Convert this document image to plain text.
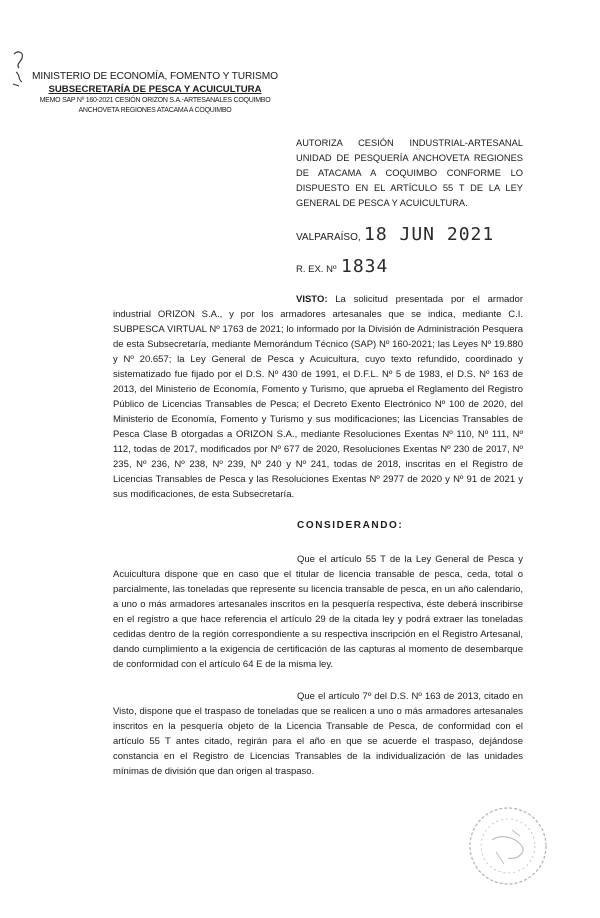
MINISTERIO DE ECONOMÍA, FOMENTO Y TURISMO
SUBSECRETARÍA DE PESCA Y ACUICULTURA
MEMO SAP Nº 160-2021 CESIÓN ORIZON S.A.-ARTESANALES COQUIMBO
ANCHOVETA REGIONES ATACAMA A COQUIMBO
AUTORIZA CESIÓN INDUSTRIAL-ARTESANAL UNIDAD DE PESQUERÍA ANCHOVETA REGIONES DE ATACAMA A COQUIMBO CONFORME LO DISPUESTO EN EL ARTÍCULO 55 T DE LA LEY GENERAL DE PESCA Y ACUICULTURA.
VALPARAÍSO, 18 JUN 2021
R. EX. Nº 1834
VISTO: La solicitud presentada por el armador industrial ORIZON S.A., y por los armadores artesanales que se indica, mediante C.I. SUBPESCA VIRTUAL Nº 1763 de 2021; lo informado por la División de Administración Pesquera de esta Subsecretaría, mediante Memorándum Técnico (SAP) Nº 160-2021; las Leyes Nº 19.880 y Nº 20.657; la Ley General de Pesca y Acuicultura, cuyo texto refundido, coordinado y sistematizado fue fijado por el D.S. Nº 430 de 1991, el D.F.L. Nº 5 de 1983, el D.S. Nº 163 de 2013, del Ministerio de Economía, Fomento y Turismo, que aprueba el Reglamento del Registro Público de Licencias Transables de Pesca; el Decreto Exento Electrónico Nº 100 de 2020, del Ministerio de Economía, Fomento y Turismo y sus modificaciones; las Licencias Transables de Pesca Clase B otorgadas a ORIZON S.A., mediante Resoluciones Exentas Nº 110, Nº 111, Nº 112, todas de 2017, modificados por Nº 677 de 2020, Resoluciones Exentas Nº 230 de 2017, Nº 235, Nº 236, Nº 238, Nº 239, Nº 240 y Nº 241, todas de 2018, inscritas en el Registro de Licencias Transables de Pesca y las Resoluciones Exentas Nº 2977 de 2020 y Nº 91 de 2021 y sus modificaciones, de esta Subsecretaría.
CONSIDERANDO:
Que el artículo 55 T de la Ley General de Pesca y Acuicultura dispone que en caso que el titular de licencia transable de pesca, ceda, total o parcialmente, las toneladas que represente su licencia transable de pesca, en un año calendario, a uno o más armadores artesanales inscritos en la pesquería respectiva, éste deberá inscribirse en el registro a que hace referencia el artículo 29 de la citada ley y podrá extraer las toneladas cedidas dentro de la región correspondiente a su respectiva inscripción en el Registro Artesanal, dando cumplimiento a la exigencia de certificación de las capturas al momento de desembarque de conformidad con el artículo 64 E de la misma ley.
Que el artículo 7º del D.S. Nº 163 de 2013, citado en Visto, dispone que el traspaso de toneladas que se realicen a uno o más armadores artesanales inscritos en la pesquería objeto de la Licencia Transable de Pesca, de conformidad con el artículo 55 T antes citado, regirán para el año en que se acuerde el traspaso, dejándose constancia en el Registro de Licencias Transables de la individualización de las unidades mínimas de división que dan origen al traspaso.
